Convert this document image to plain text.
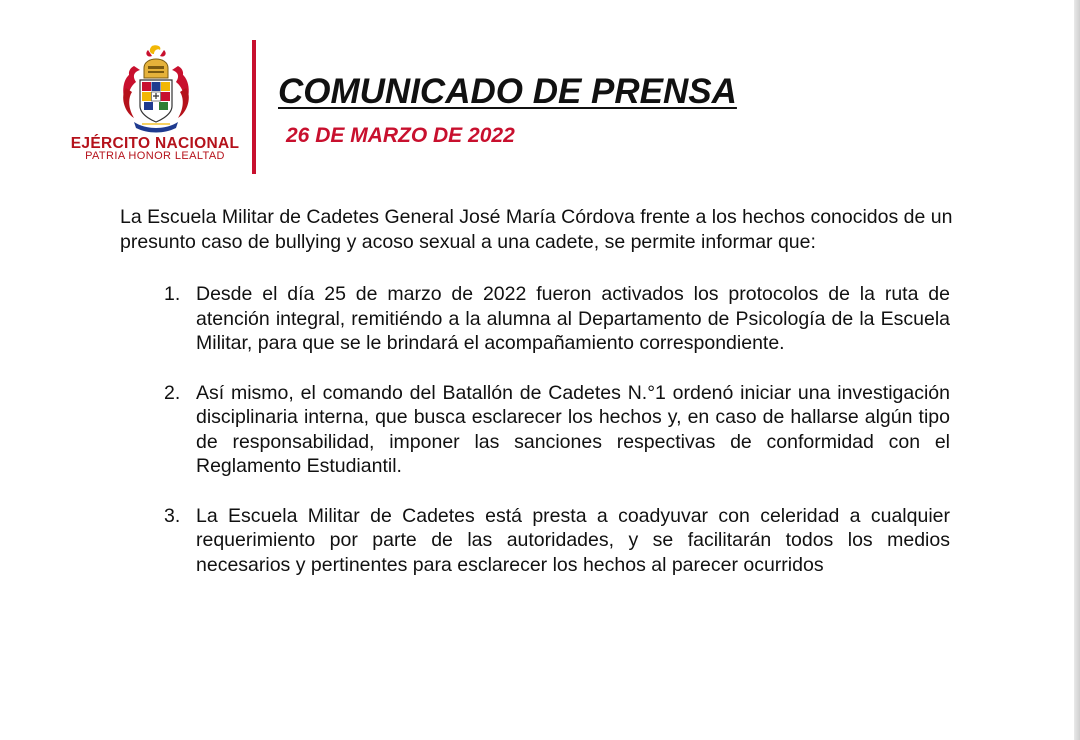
EJÉRCITO NACIONAL
PATRIA HONOR LEALTAD
COMUNICADO DE PRENSA
26 DE MARZO DE 2022

La Escuela Militar de Cadetes General José María Córdova frente a los hechos conocidos de un presunto caso de bullying y acoso sexual a una cadete, se permite informar que:

1. Desde el día 25 de marzo de 2022 fueron activados los protocolos de la ruta de atención integral, remitiéndo a la alumna al Departamento de Psicología de la Escuela Militar, para que se le brindará el acompañamiento correspondiente.
2. Así mismo, el comando del Batallón de Cadetes N.°1 ordenó iniciar una investigación disciplinaria interna, que busca esclarecer los hechos y, en caso de hallarse algún tipo de responsabilidad, imponer las sanciones respectivas de conformidad con el Reglamento Estudiantil.
3. La Escuela Militar de Cadetes está presta a coadyuvar con celeridad a cualquier requerimiento por parte de las autoridades, y se facilitarán todos los medios necesarios y pertinentes para esclarecer los hechos al parecer ocurridos
